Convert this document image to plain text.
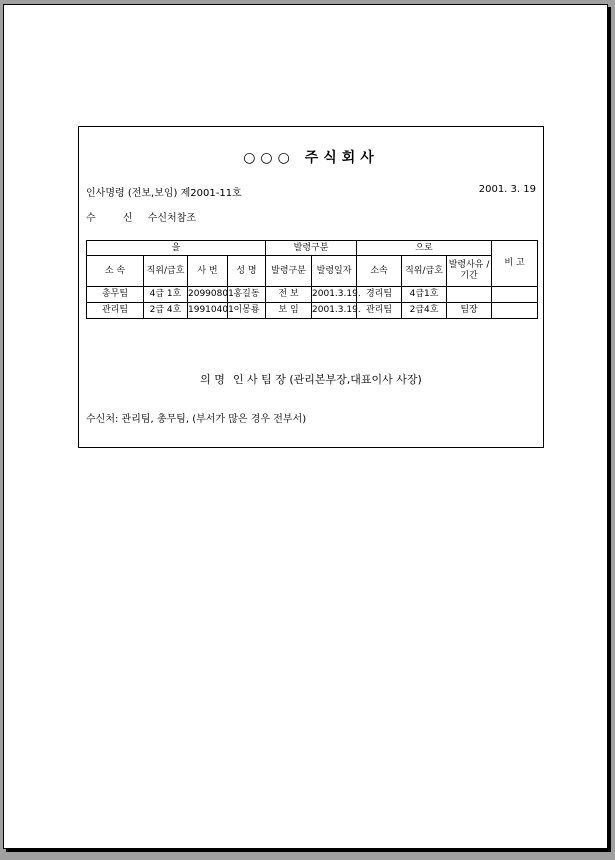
○○○ 주식회사
인사명령 (전보,보임) 제2001-11호	2001. 3. 19
수 신 수신처참조
을				발령구분		으로			비 고
소 속	직위/급호	사 번	성 명	발령구분	발령일자	소속	직위/급호	발령사유 /기간	
총무팀	4급 1호	20990801	홍길동	전 보	2001.3.19.	경리팀	4급1호		
관리팀	2급 4호	19910401	이몽룡	보 임	2001.3.19.	관리팀	2급4호	팀장	
의 명 인 사 팀 장 (관리본부장,대표이사 사장)
수신처: 관리팀, 총무팀, (부서가 많은 경우 전부서)
